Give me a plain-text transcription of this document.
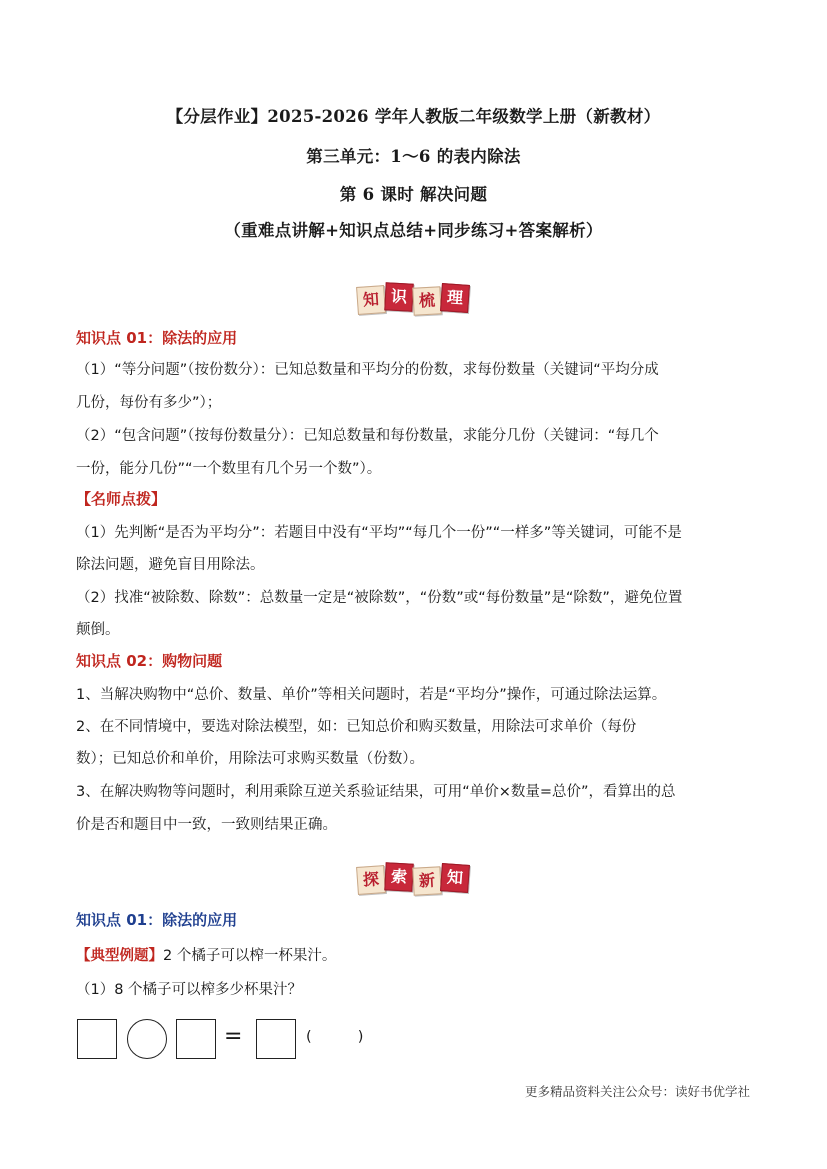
【分层作业】2025-2026 学年人教版二年级数学上册（新教材）
第三单元：1～6 的表内除法
第 6 课时 解决问题
（重难点讲解+知识点总结+同步练习+答案解析）
知 识 梳 理
知识点 01：除法的应用
（1）“等分问题”（按份数分）：已知总数量和平均分的份数，求每份数量（关键词“平均分成
几份，每份有多少”）；
（2）“包含问题”（按每份数量分）：已知总数量和每份数量，求能分几份（关键词：“每几个
一份，能分几份”“一个数里有几个另一个数”）。
【名师点拨】
（1）先判断“是否为平均分”：若题目中没有“平均”“每几个一份”“一样多”等关键词，可能不是
除法问题，避免盲目用除法。
（2）找准“被除数、除数”：总数量一定是“被除数”，“份数”或“每份数量”是“除数”，避免位置
颠倒。
知识点 02：购物问题
1、当解决购物中“总价、数量、单价”等相关问题时，若是“平均分”操作，可通过除法运算。
2、在不同情境中，要选对除法模型，如：已知总价和购买数量，用除法可求单价（每份
数）；已知总价和单价，用除法可求购买数量（份数）。
3、在解决购物等问题时，利用乘除互逆关系验证结果，可用“单价×数量=总价”，看算出的总
价是否和题目中一致，一致则结果正确。
探 索 新 知
知识点 01：除法的应用
【典型例题】2 个橘子可以榨一杯果汁。
（1）8 个橘子可以榨多少杯果汁？
=	(          )
更多精品资料关注公众号：读好书优学社
